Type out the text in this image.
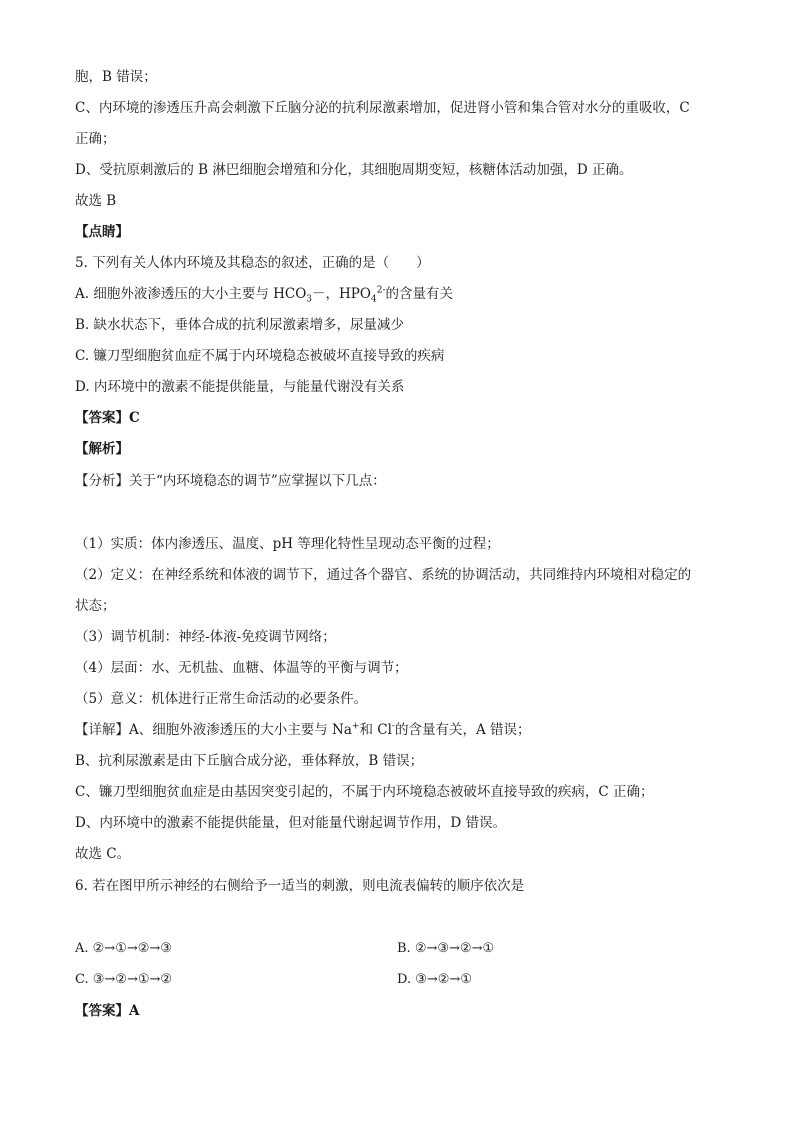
胞，B 错误；
C、内环境的渗透压升高会刺激下丘脑分泌的抗利尿激素增加，促进肾小管和集合管对水分的重吸收，C
正确；
D、受抗原刺激后的 B 淋巴细胞会增殖和分化，其细胞周期变短，核糖体活动加强，D 正确。
故选 B
【点睛】
5. 下列有关人体内环境及其稳态的叙述，正确的是（　　）
A. 细胞外液渗透压的大小主要与 $HCO_3-$，$HPO_4^{2-}$的含量有关
B. 缺水状态下，垂体合成的抗利尿激素增多，尿量减少
C. 镰刀型细胞贫血症不属于内环境稳态被破坏直接导致的疾病
D. 内环境中的激素不能提供能量，与能量代谢没有关系
【答案】C
【解析】
【分析】关于“内环境稳态的调节”应掌握以下几点：
（1）实质：体内渗透压、温度、pH 等理化特性呈现动态平衡的过程；
（2）定义：在神经系统和体液的调节下，通过各个器官、系统的协调活动，共同维持内环境相对稳定的
状态；
（3）调节机制：神经-体液-免疫调节网络；
（4）层面：水、无机盐、血糖、体温等的平衡与调节；
（5）意义：机体进行正常生命活动的必要条件。
【详解】A、细胞外液渗透压的大小主要与 Na+和 Cl-的含量有关，A 错误；
B、抗利尿激素是由下丘脑合成分泌，垂体释放，B 错误；
C、镰刀型细胞贫血症是由基因突变引起的，不属于内环境稳态被破坏直接导致的疾病，C 正确；
D、内环境中的激素不能提供能量，但对能量代谢起调节作用，D 错误。
故选 C。
6. 若在图甲所示神经的右侧给予一适当的刺激，则电流表偏转的顺序依次是
A. ②→①→②→③	B. ②→③→②→①
C. ③→②→①→②	D. ③→②→①
【答案】A
